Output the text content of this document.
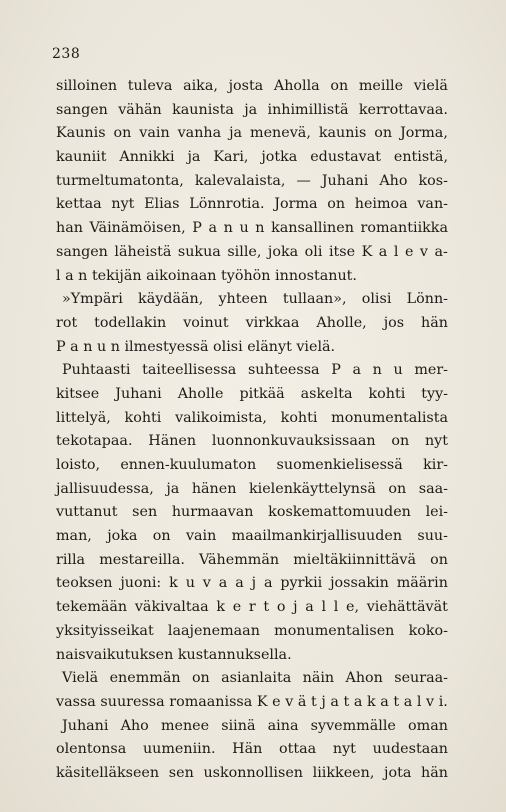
238
silloinen tuleva aika, josta Aholla on meille vielä
sangen vähän kaunista ja inhimillistä kerrottavaa.
Kaunis on vain vanha ja menevä, kaunis on Jorma,
kauniit Annikki ja Kari, jotka edustavat entistä,
turmeltumatonta, kalevalaista, — Juhani Aho kos-
kettaa nyt Elias Lönnrotia. Jorma on heimoa van-
han Väinämöisen, P a n u n kansallinen romantiikka
sangen läheistä sukua sille, joka oli itse K a l e v a-
l a n tekijän aikoinaan työhön innostanut.
»Ympäri käydään, yhteen tullaan», olisi Lönn-
rot todellakin voinut virkkaa Aholle, jos hän
P a n u n ilmestyessä olisi elänyt vielä.
Puhtaasti taiteellisessa suhteessa P a n u mer-
kitsee Juhani Aholle pitkää askelta kohti tyy-
littelyä, kohti valikoimista, kohti monumentalista
tekotapaa. Hänen luonnonkuvauksissaan on nyt
loisto, ennen-kuulumaton suomenkielisessä kir-
jallisuudessa, ja hänen kielenkäyttelynsä on saa-
vuttanut sen hurmaavan koskemattomuuden lei-
man, joka on vain maailmankirjallisuuden suu-
rilla mestareilla. Vähemmän mieltäkiinnittävä on
teoksen juoni: k u v a a j a pyrkii jossakin määrin
tekemään väkivaltaa k e r t o j a l l e, viehättävät
yksityisseikat laajenemaan monumentalisen koko-
naisvaikutuksen kustannuksella.
Vielä enemmän on asianlaita näin Ahon seuraa-
vassa suuressa romaanissa K e v ä t j a t a k a t a l v i.
Juhani Aho menee siinä aina syvemmälle oman
olentonsa uumeniin. Hän ottaa nyt uudestaan
käsitelläkseen sen uskonnollisen liikkeen, jota hän
